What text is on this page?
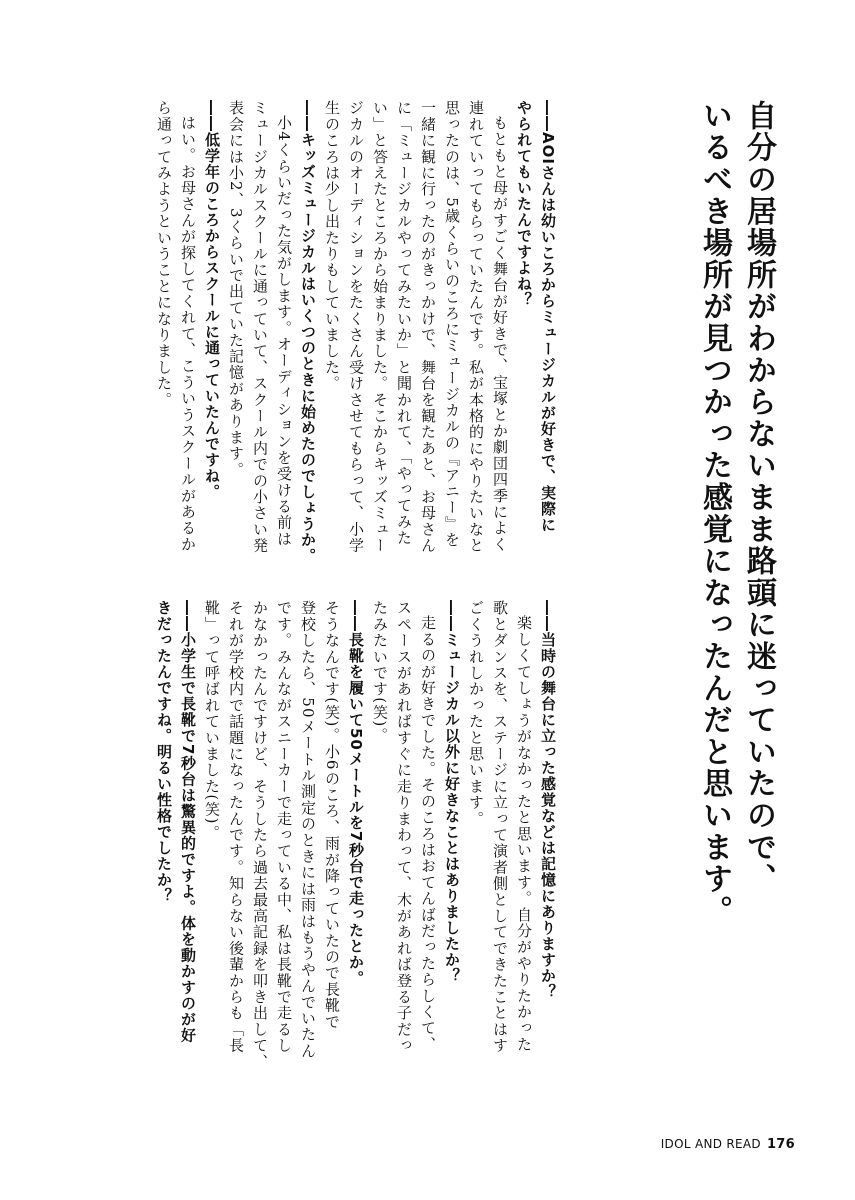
自分の居場所がわからないまま路頭に迷っていたので、
いるべき場所が見つかった感覚になったんだと思います。
――AOIさんは幼いころからミュージカルが好きで、実際に
やられてもいたんですよね？
もともと母がすごく舞台が好きで、宝塚とか劇団四季によく
連れていってもらっていたんです。私が本格的にやりたいなと
思ったのは、5歳くらいのころにミュージカルの『アニー』を
一緒に観に行ったのがきっかけで、舞台を観たあと、お母さん
に「ミュージカルやってみたいか」と聞かれて、「やってみた
い」と答えたところから始まりました。そこからキッズミュー
ジカルのオーディションをたくさん受けさせてもらって、小学
生のころは少し出たりもしていました。
――キッズミュージカルはいくつのときに始めたのでしょうか。
小4くらいだった気がします。オーディションを受ける前は
ミュージカルスクールに通っていて、スクール内での小さい発
表会には小2、3くらいで出ていた記憶があります。
――低学年のころからスクールに通っていたんですね。
はい。お母さんが探してくれて、こういうスクールがあるか
ら通ってみようということになりました。
――当時の舞台に立った感覚などは記憶にありますか？
楽しくてしょうがなかったと思います。自分がやりたかった
歌とダンスを、ステージに立って演者側としてできたことはす
ごくうれしかったと思います。
――ミュージカル以外に好きなことはありましたか？
走るのが好きでした。そのころはおてんばだったらしくて、
スペースがあればすぐに走りまわって、木があれば登る子だっ
たみたいです(笑)。
――長靴を履いて50メートルを7秒台で走ったとか。
そうなんです(笑)。小6のころ、雨が降っていたので長靴で
登校したら、50メートル測定のときには雨はもうやんでいたん
です。みんながスニーカーで走っている中、私は長靴で走るし
かなかったんですけど、そうしたら過去最高記録を叩き出して、
それが学校内で話題になったんです。知らない後輩からも「長
靴」って呼ばれていました(笑)。
――小学生で長靴で7秒台は驚異的ですよ。体を動かすのが好
きだったんですね。明るい性格でしたか？
IDOL AND READ 176
